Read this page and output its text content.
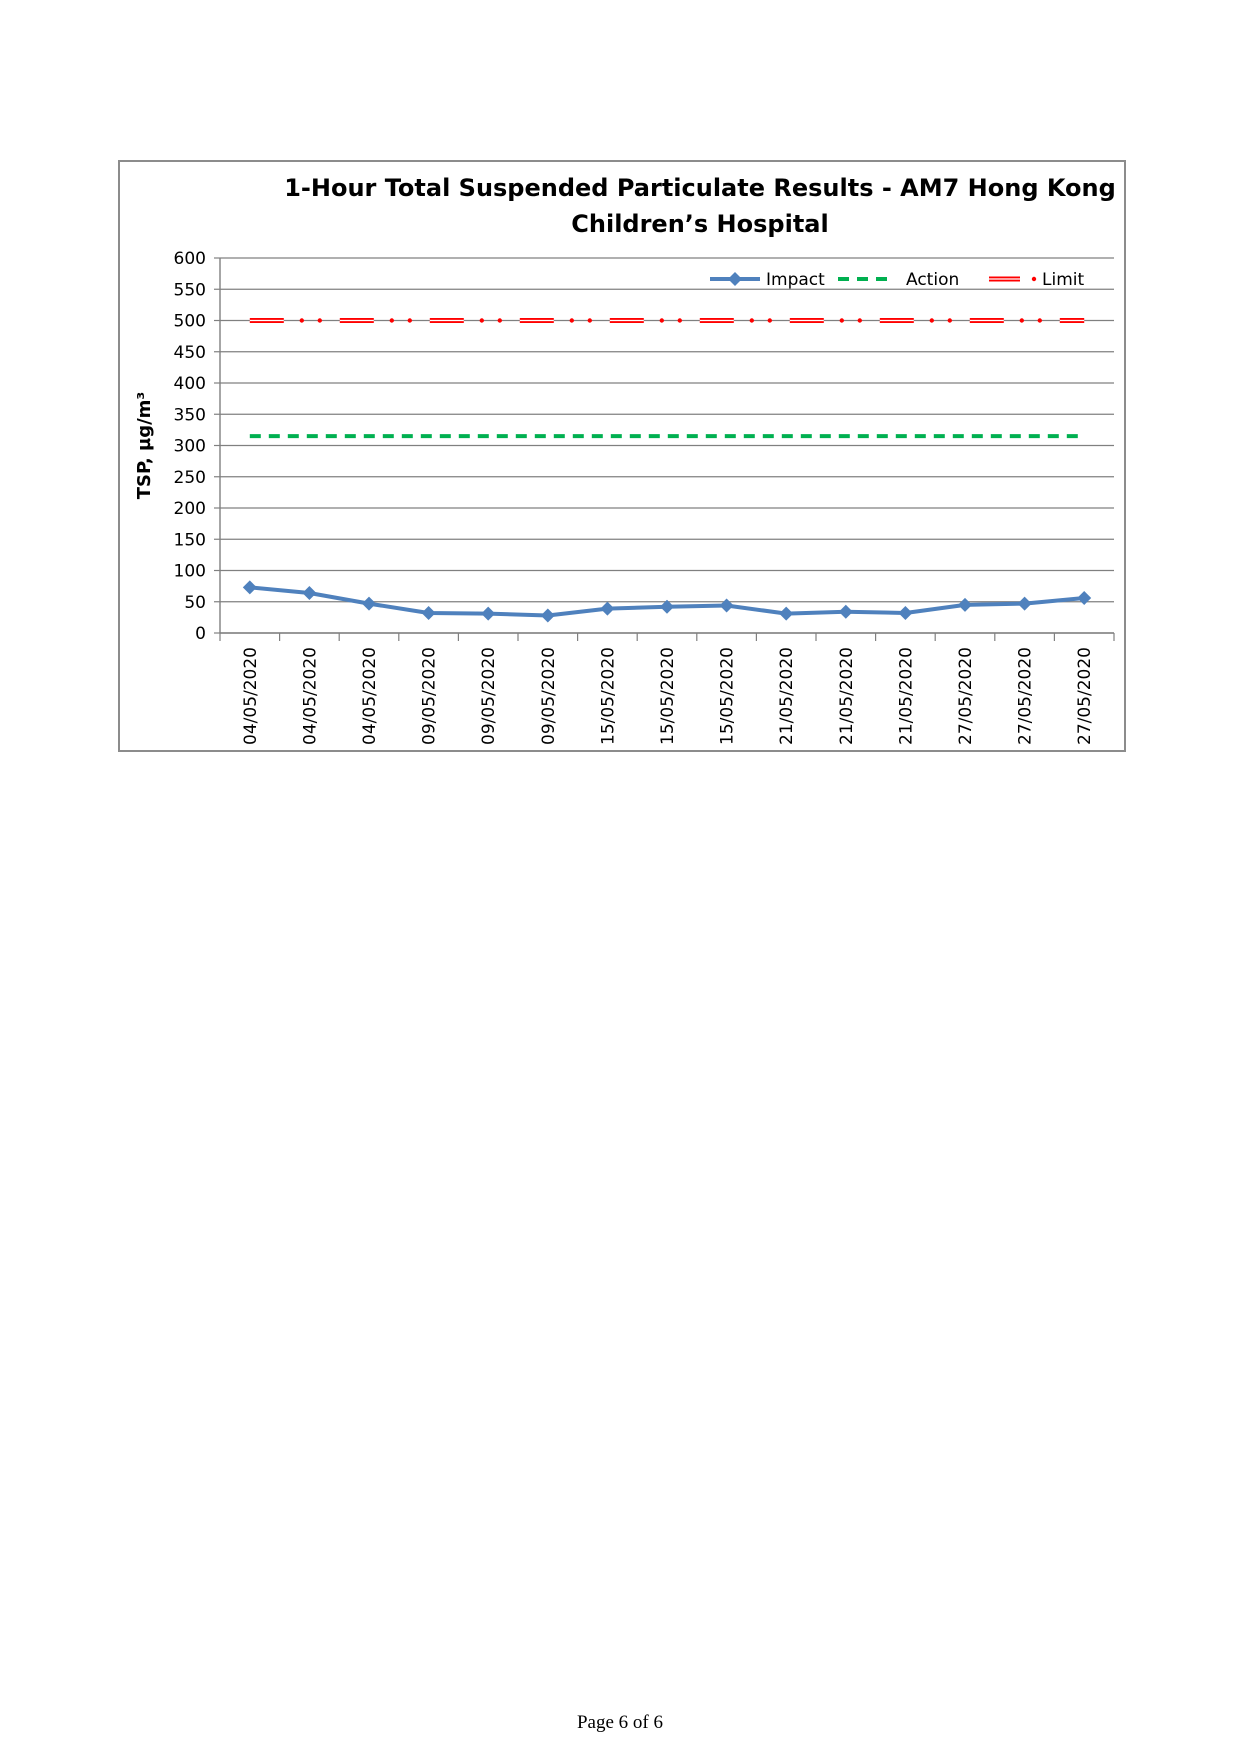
1-Hour Total Suspended Particulate Results - AM7 Hong Kong
Children’s Hospital
0
50
100
150
200
250
300
350
400
450
500
550
600
04/05/2020 04/05/2020 04/05/2020 09/05/2020 09/05/2020 09/05/2020 15/05/2020 15/05/2020 15/05/2020 21/05/2020 21/05/2020 21/05/2020 27/05/2020 27/05/2020 27/05/2020
Impact	Action	Limit
TSP, µg/m³
Page 6 of 6
